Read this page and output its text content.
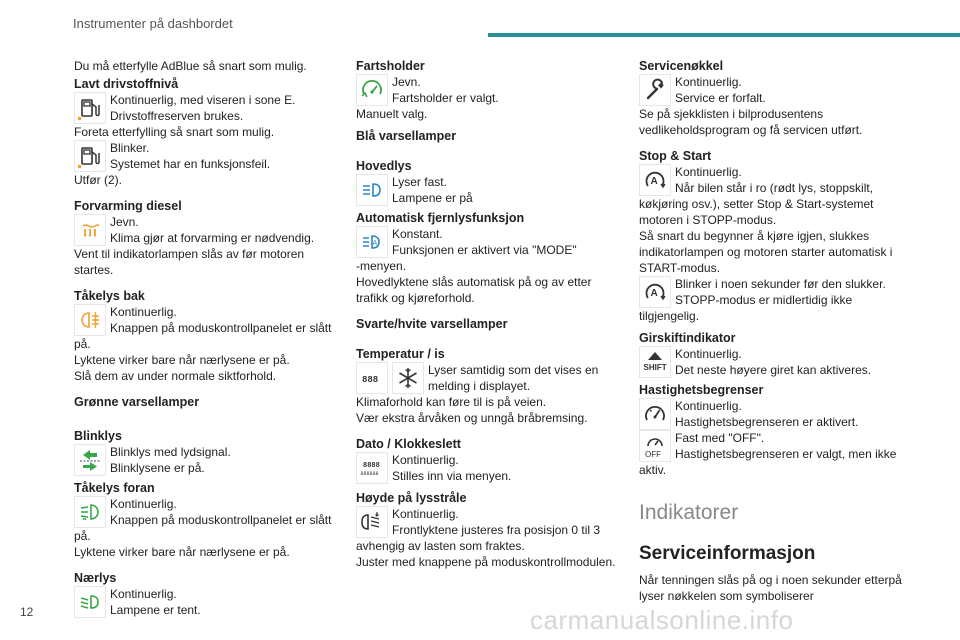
Instrumenter på dashbordet

Du må etterfylle AdBlue så snart som mulig.

Lavt drivstoffnivå

Kontinuerlig, med viseren i sone E.
Drivstoffreserven brukes.

Foreta etterfylling så snart som mulig.

Blinker.
Systemet har en funksjonsfeil.

Utfør (2).

Forvarming diesel

Jevn.
Klima gjør at forvarming er nødvendig.

Vent til indikatorlampen slås av før motoren startes.

Tåkelys bak

Kontinuerlig.
Knappen på moduskontrollpanelet er slått på.

Lyktene virker bare når nærlysene er på.

Slå dem av under normale siktforhold.

Grønne varsellamper

Blinklys

Blinklys med lydsignal.
Blinklysene er på.

Tåkelys foran

Kontinuerlig.
Knappen på moduskontrollpanelet er slått på.

Lyktene virker bare når nærlysene er på.

Nærlys

Kontinuerlig.
Lampene er tent.

Fartsholder

Jevn.
Fartsholder er valgt.

Manuelt valg.

Blå varsellamper

Hovedlys

Lyser fast.
Lampene er på

Automatisk fjernlysfunksjon

A
Konstant.
Funksjonen er aktivert via "MODE"

-menyen.

Hovedlyktene slås automatisk på og av etter trafikk og kjøreforhold.

Svarte/hvite varsellamper

Temperatur / is

888
Lyser samtidig som det vises en melding i displayet.

Klimaforhold kan føre til is på veien.

Vær ekstra årvåken og unngå bråbremsing.

Dato / Klokkeslett

8888
888888
Kontinuerlig.
Stilles inn via menyen.

Høyde på lysstråle

Kontinuerlig.
Frontlyktene justeres fra posisjon 0 til 3 avhengig av lasten som fraktes.

Juster med knappene på moduskontrollmodulen.

Servicenøkkel

Kontinuerlig.
Service er forfalt.

Se på sjekklisten i bilprodusentens vedlikeholdsprogram og få servicen utført.

Stop & Start

A
Kontinuerlig.
Når bilen står i ro (rødt lys, stoppskilt, køkjøring osv.), setter Stop & Start-systemet motoren i STOPP-modus.

Så snart du begynner å kjøre igjen, slukkes indikatorlampen og motoren starter automatisk i START-modus.

A
Blinker i noen sekunder før den slukker.
STOPP-modus er midlertidig ikke tilgjengelig.

Girskiftindikator

SHIFT
Kontinuerlig.
Det neste høyere giret kan aktiveres.

Hastighetsbegrenser

Kontinuerlig.
Hastighetsbegrenseren er aktivert.
OFF
Fast med "OFF".
Hastighetsbegrenseren er valgt, men ikke aktiv.

Indikatorer

Serviceinformasjon

Når tenningen slås på og i noen sekunder etterpå lyser nøkkelen som symboliserer

12	carmanualsonline.info
